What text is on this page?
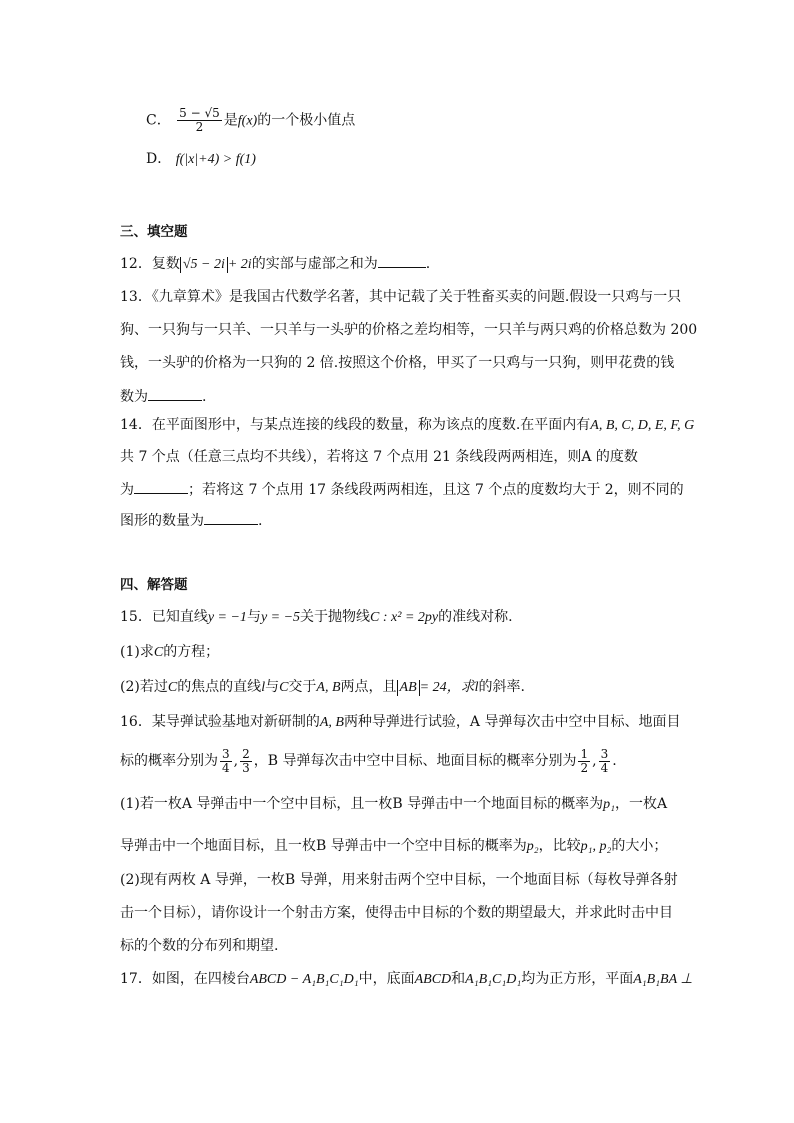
C． $\frac{5 - √5}{2}$ 是f(x)的一个极小值点
D． f(|x|+4) > f(1)
三、填空题
12．复数 √5 − 2i + 2i的实部与虚部之和为	.
13．《九章算术》是我国古代数学名著，其中记载了关于牲畜买卖的问题.假设一只鸡与一只
狗、一只狗与一只羊、一只羊与一头驴的价格之差均相等，一只羊与两只鸡的价格总数为 200
钱，一头驴的价格为一只狗的 2 倍.按照这个价格，甲买了一只鸡与一只狗，则甲花费的钱
数为	.
14．在平面图形中，与某点连接的线段的数量，称为该点的度数.在平面内有A, B, C, D, E, F, G
共 7 个点（任意三点均不共线），若将这 7 个点用 21 条线段两两相连，则A 的度数
为	；若将这 7 个点用 17 条线段两两相连，且这 7 个点的度数均大于 2，则不同的
图形的数量为	.
四、解答题
15．已知直线y = −1与y = −5关于抛物线C : x² = 2py的准线对称.
(1)求C的方程；
(2)若过C的焦点的直线l与C交于A, B两点，且 AB = 24，求l的斜率.
16．某导弹试验基地对新研制的A, B两种导弹进行试验，A 导弹每次击中空中目标、地面目
标的概率分别为 $\frac{3}{4}$ , $\frac{2}{3}$ ，B 导弹每次击中空中目标、地面目标的概率分别为 $\frac{1}{2}$ , $\frac{3}{4}$ .
(1)若一枚A 导弹击中一个空中目标，且一枚B 导弹击中一个地面目标的概率为p₁，一枚A
导弹击中一个地面目标，且一枚B 导弹击中一个空中目标的概率为p₂，比较p₁, p₂的大小；
(2)现有两枚 A 导弹，一枚B 导弹，用来射击两个空中目标，一个地面目标（每枚导弹各射
击一个目标），请你设计一个射击方案，使得击中目标的个数的期望最大，并求此时击中目
标的个数的分布列和期望.
17．如图，在四棱台ABCD − A₁B₁C₁D₁中，底面ABCD和A₁B₁C₁D₁均为正方形，平面A₁B₁BA ⊥
